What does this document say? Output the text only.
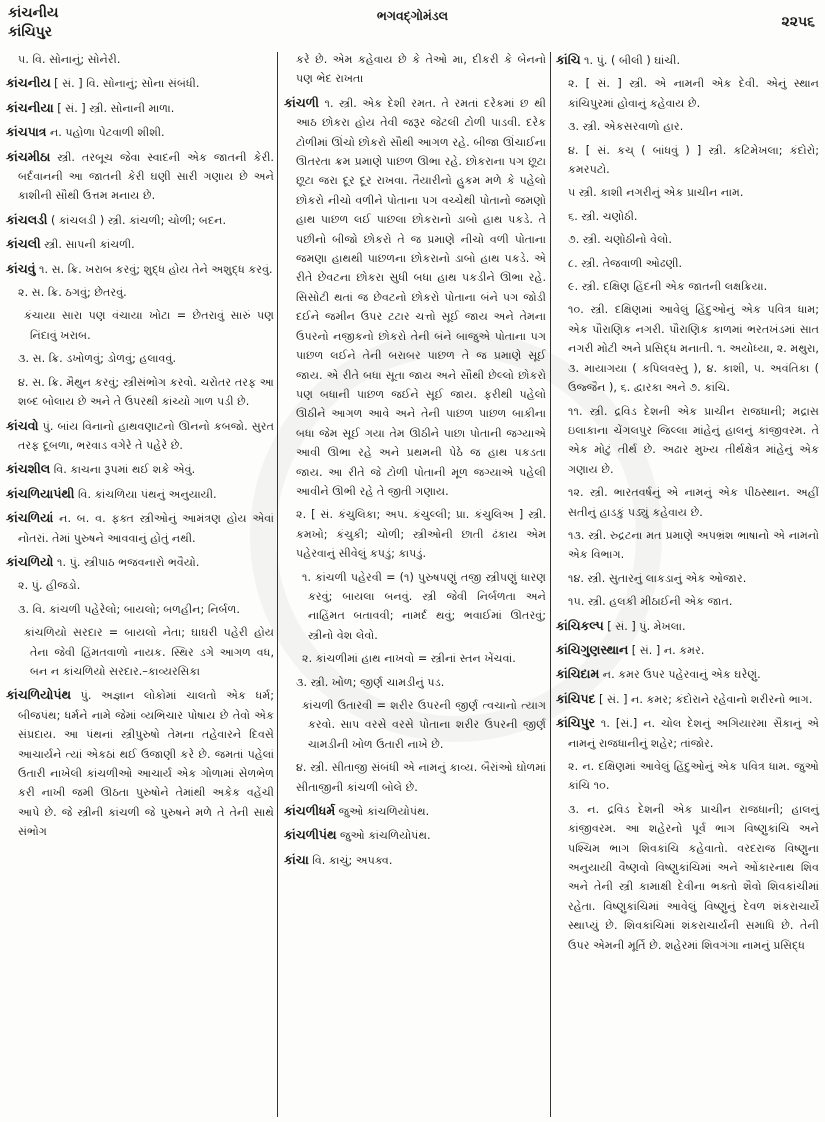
કાંચનીય
કાંચિપુર
ભગવદ્ગોમંડલ	૨૨૫૬
૫. વિ. સોનાનું; સોનેરી.
કાંચનીય [ સં. ] વિ. સોનાનું; સોના સંબંધી.
કાંચનીયા [ સં. ] સ્ત્રી. સોનાની માળા.
કાંચપાત્ર ન. પહોળા પેટવાળી શીશી.
કાંચમીઠા સ્ત્રી. તરબૂચ જેવા સ્વાદની એક જાતની કેરી. બર્દવાનની આ જાતની કેરી ઘણી સારી ગણાય છે અને કાશીની સૌથી ઉત્તમ મનાય છે.
કાંચલડી ( કાંચલડી ) સ્ત્રી. કાંચળી; ચોળી; બદન.
કાંચલી સ્ત્રી. સાપની કાંચળી.
કાંચવું ૧. સ. ક્રિ. ખરાબ કરવું; શુદ્ધ હોય તેને અશુદ્ધ કરવું.
૨. સ. ક્રિ. ઠગવું; છેતરવું.
કંચાયા સારા પણ વંચાયા ખોટા = છેતરાવું સારું પણ નિંદાવું ખરાબ.
૩. સ. ક્રિ. ડખોળવું; ડોળવું; હલાવવું.
૪. સ. ક્રિ. મૈથુન કરવું; સ્ત્રીસંભોગ કરવો. ચરોતર તરફ આ શબ્દ બોલાય છે અને તે ઉપરથી કાંચ્યો ગાળ પડી છે.
કાંચવો પું. બાંય વિનાનો હાથવણાટનો ઊનનો કબજો. સુરત તરફ દૂબળા, ભરવાડ વગેરે તે પહેરે છે.
કાંચશીલ વિ. કાચના રૂપમાં થઈ શકે એવું.
કાંચળિયાપંથી વિ. કાંચળિયા પંથનું અનુયાયી.
કાંચળિયાં ન. બ. વ. ફક્ત સ્ત્રીઓનું આમંત્રણ હોય એવાં નોતરાં. તેમાં પુરુષને આવવાનું હોતું નથી.
કાંચળિયો ૧. પું. સ્ત્રીપાઠ ભજવનારો ભવૈયો.
૨. પું. હીજડો.
૩. વિ. કાંચળી પહેરેલો; બાયલો; બળહીન; નિર્બળ.
કાંચળિયો સરદાર = બાયલો નેતા; ઘાઘરી પહેરી હોય તેના જેવી હિંમતવાળો નાયક. સ્થિર ડગે આગળ વધ, બન ન કાંચળિયો સરદાર.–કાવ્યરસિકા
કાંચળિયોપંથ પું. અજ્ઞાન લોકોમાં ચાલતો એક ધર્મ; બીજપંથ; ધર્મને નામે જેમાં વ્યભિચાર પોષાય છે તેવો એક સંપ્રદાય. આ પંથનાં સ્ત્રીપુરુષો તેમના તહેવારને દિવસે આચાર્યને ત્યાં એકઠાં થઈ ઉજાણી કરે છે. જમતાં પહેલાં ઉતારી નાખેલી કાંચળીઓ આચાર્ય એક ગોળામાં સેળભેળ કરી નાખી જમી ઊઠતા પુરુષોને તેમાંથી અકેક વહેંચી આપે છે. જે સ્ત્રીની કાંચળી જે પુરુષને મળે તે તેની સાથે સંભોગ
કરે છે. એમ કહેવાય છે કે તેઓ મા, દીકરી કે બેનનો પણ ભેદ રાખતા
કાંચળી ૧. સ્ત્રી. એક દેશી રમત. તે રમતાં દરેકમાં છ થી આઠ છોકરા હોય તેવી જરૂર જેટલી ટોળી પાડવી. દરેક ટોળીમાં ઊંચો છોકરો સૌથી આગળ રહે. બીજા ઊંચાઈના ઊતરતા ક્રમ પ્રમાણે પાછળ ઊભા રહે. છોકરાના પગ છૂટા છૂટા જરા દૂર દૂર રાખવા. તૈયારીનો હુકમ મળે કે પહેલો છોકરો નીચો વળીને પોતાના પગ વચ્ચેથી પોતાનો જમણો હાથ પાછળ લઈ પાછલા છોકરાનો ડાબો હાથ પકડે. તે પછીનો બીજો છોકરો તે જ પ્રમાણે નીચો વળી પોતાના જમણા હાથથી પાછળના છોકરાનો ડાબો હાથ પકડે. એ રીતે છેવટના છોકરા સુધી બધા હાથ પકડીને ઊભા રહે. સિસોટી થતાં જ છેવટનો છોકરો પોતાના બંને પગ જોડી દઈને જમીન ઉપર ટટાર ચત્તો સૂઈ જાય અને તેમના ઉપરનો નજીકનો છોકરો તેની બંને બાજુએ પોતાના પગ પાછળ લઈને તેની બરાબર પાછળ તે જ પ્રમાણે સૂઈ જાય. એ રીતે બધા સૂતા જાય અને સૌથી છેલ્લો છોકરો પણ બધાની પાછળ જઈને સૂઈ જાય. ફરીથી પહેલો ઊઠીને આગળ આવે અને તેની પાછળ પાછળ બાકીના બધા જેમ સૂઈ ગયા તેમ ઊઠીને પાછા પોતાની જગ્યાએ આવી ઊભા રહે અને પ્રથમની પેઠે જ હાથ પકડતા જાય. આ રીતે જે ટોળી પોતાની મૂળ જગ્યાએ પહેલી આવીને ઊભી રહે તે જીતી ગણાય.
૨. [ સં. કંચુલિકા; અપ. કંચુલ્લી; પ્રા. કંચુલિઅ ] સ્ત્રી. કમખો; કંચુકી; ચોળી; સ્ત્રીઓની છાતી ઢંકાય એમ પહેરવાનું સીવેલું કપડું; કાપડું.
૧. કાંચળી પહેરવી = (૧) પુરુષપણું તજી સ્ત્રીપણું ધારણ કરવું; બાયલા બનવું. સ્ત્રી જેવી નિર્બળતા અને નાહિંમત બતાવવી; નામર્દ થવું; ભવાઈમાં ઊતરવું; સ્ત્રીનો વેશ લેવો.
૨. કાંચળીમાં હાથ નાખવો = સ્ત્રીનાં સ્તન ખેંચવાં.
૩. સ્ત્રી. ખોળ; જીર્ણ ચામડીનું પડ.
કાંચળી ઉતારવી = શરીર ઉપરની જીર્ણ ત્વચાનો ત્યાગ કરવો. સાપ વરસે વરસે પોતાના શરીર ઉપરની જીર્ણ ચામડીની ખોળ ઉતારી નાખે છે.
૪. સ્ત્રી. સીતાજી સંબંધી એ નામનું કાવ્ય. બૈરાંઓ ઘોળમાં સીતાજીની કાંચળી બોલે છે.
કાંચળીધર્મ જુઓ કાંચળિયોપંથ.
કાંચળીપંથ જુઓ કાંચળિયોપંથ.
કાંચા વિ. કાચું; અપક્વ.
કાંચિ ૧. પું. ( બીલી ) ઘાંચી.
૨. [ સં. ] સ્ત્રી. એ નામની એક દેવી. એનું સ્થાન કાંચિપુરમાં હોવાનું કહેવાય છે.
૩. સ્ત્રી. એકસરવાળો હાર.
૪. [ સં. કચ્ ( બાંધવું ) ] સ્ત્રી. કટિમેખલા; કંદોરો; કમરપટો.
૫ સ્ત્રી. કાશી નગરીનું એક પ્રાચીન નામ.
૬. સ્ત્રી. ચણોઠી.
૭. સ્ત્રી. ચણોઠીનો વેલો.
૮. સ્ત્રી. તેજવાળી ઓઢણી.
૯. સ્ત્રી. દક્ષિણ હિંદની એક જાતની લક્ષક્રિયા.
૧૦. સ્ત્રી. દક્ષિણમાં આવેલું હિંદુઓનું એક પવિત્ર ધામ; એક પૌરાણિક નગરી. પૌરાણિક કાળમાં ભરતખંડમાં સાત નગરી મોટી અને પ્રસિદ્ધ મનાતી. ૧. અયોધ્યા, ૨. મથુરા, ૩. માયાગયા ( કપિલવસ્તુ ), ૪. કાશી, ૫. અવંતિકા ( ઉજ્જૈન ), ૬. દ્વારકા અને ૭. કાંચિ.
૧૧. સ્ત્રી. દ્રવિડ દેશની એક પ્રાચીન રાજધાની; મદ્રાસ ઇલાકાના ચેંગલપુર જિલ્લા માંહેનું હાલનું કાંજીવરમ. તે એક મોટું તીર્થ છે. અઢાર મુખ્ય તીર્થક્ષેત્ર માંહેનું એક ગણાય છે.
૧૨. સ્ત્રી. ભારતવર્ષનું એ નામનું એક પીઠસ્થાન. અહીં સતીનું હાડકું પડ્યું કહેવાય છે.
૧૩. સ્ત્રી. રુદ્રટના મત પ્રમાણે અપભ્રંશ ભાષાનો એ નામનો એક વિભાગ.
૧૪. સ્ત્રી. સુતારનું લાકડાનું એક ઓજાર.
૧૫. સ્ત્રી. હલકી મીઠાઈની એક જાત.
કાંચિકલ્પ [ સં. ] પું. મેખલા.
કાંચિગુણસ્થાન [ સં. ] ન. કમર.
કાંચિદામ ન. કમર ઉપર પહેરવાનું એક ઘરેણું.
કાંચિપદ [ સં. ] ન. કમર; કંદોરાને રહેવાનો શરીરનો ભાગ.
કાંચિપુર ૧. [સં.] ન. ચોલ દેશનું અગિયારમા સૈકાનું એ નામનું રાજધાનીનું શહેર; તાંજોર.
૨. ન. દક્ષિણમાં આવેલું હિંદુઓનું એક પવિત્ર ધામ. જુઓ કાંચિ ૧૦.
૩. ન. દ્રવિડ દેશની એક પ્રાચીન રાજધાની; હાલનું કાંજીવરમ. આ શહેરનો પૂર્વ ભાગ વિષ્ણુકાંચિ અને પશ્ચિમ ભાગ શિવકાંચિ કહેવાતો. વરદરાજ વિષ્ણુના અનુયાયી વૈષ્ણવો વિષ્ણુકાંચિમાં અને ઓંકારનાથ શિવ અને તેની સ્ત્રી કામાક્ષી દેવીના ભક્તો શૈવો શિવકાંચીમાં રહેતા. વિષ્ણુકાંચિમાં આવેલું વિષ્ણુનું દેવળ શંકરાચાર્યે સ્થાપ્યું છે. શિવકાંચિમાં શંકરાચાર્યની સમાધિ છે. તેની ઉપર એમની મૂર્તિ છે. શહેરમાં શિવગંગા નામનું પ્રસિદ્ધ
